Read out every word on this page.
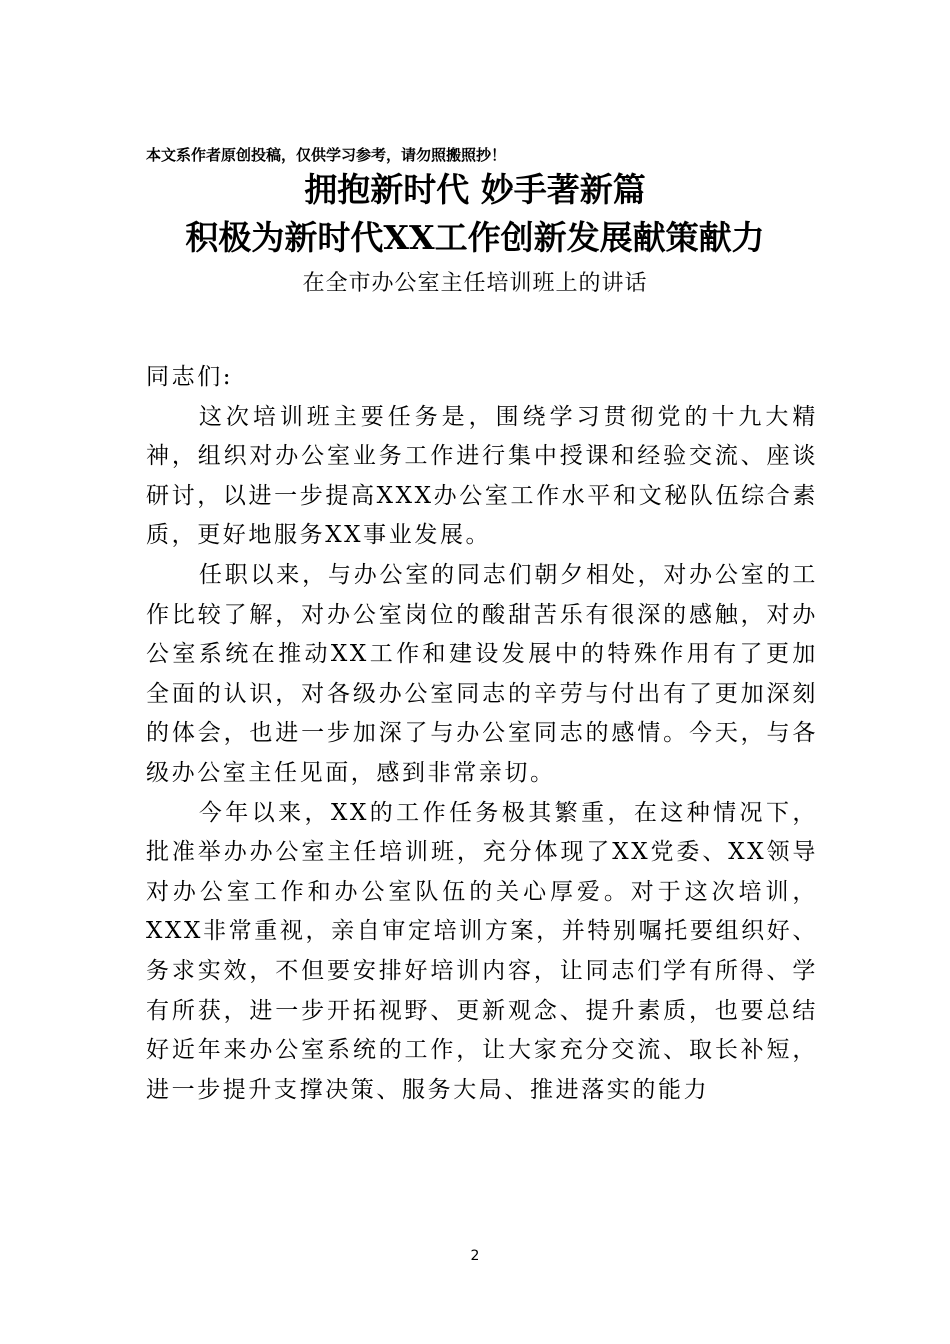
本文系作者原创投稿，仅供学习参考，请勿照搬照抄！
拥抱新时代 妙手著新篇
积极为新时代XX工作创新发展献策献力
在全市办公室主任培训班上的讲话

同志们:

这次培训班主要任务是，围绕学习贯彻党的十九大精神，组织对办公室业务工作进行集中授课和经验交流、座谈研讨，以进一步提高XXX办公室工作水平和文秘队伍综合素质，更好地服务XX事业发展。

任职以来，与办公室的同志们朝夕相处，对办公室的工作比较了解，对办公室岗位的酸甜苦乐有很深的感触，对办公室系统在推动XX工作和建设发展中的特殊作用有了更加全面的认识，对各级办公室同志的辛劳与付出有了更加深刻的体会，也进一步加深了与办公室同志的感情。今天，与各级办公室主任见面，感到非常亲切。

今年以来，XX的工作任务极其繁重，在这种情况下，批准举办办公室主任培训班，充分体现了XX党委、XX领导对办公室工作和办公室队伍的关心厚爱。对于这次培训，XXX非常重视，亲自审定培训方案，并特别嘱托要组织好、务求实效，不但要安排好培训内容，让同志们学有所得、学有所获，进一步开拓视野、更新观念、提升素质，也要总结好近年来办公室系统的工作，让大家充分交流、取长补短，进一步提升支撑决策、服务大局、推进落实的能力

2
